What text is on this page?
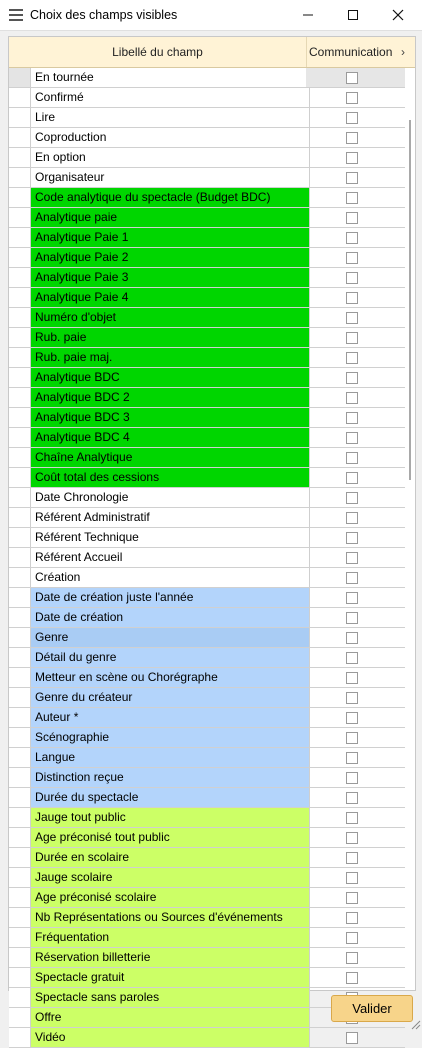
Choix des champs visibles
Libellé du champ	Communication ›
En tournée
Confirmé
Lire
Coproduction
En option
Organisateur
Code analytique du spectacle (Budget BDC)
Analytique paie
Analytique Paie 1
Analytique Paie 2
Analytique Paie 3
Analytique Paie 4
Numéro d'objet
Rub. paie
Rub. paie maj.
Analytique BDC
Analytique BDC 2
Analytique BDC 3
Analytique BDC 4
Chaîne Analytique
Coût total des cessions
Date Chronologie
Référent Administratif
Référent Technique
Référent Accueil
Création
Date de création juste l'année
Date de création
Genre
Détail du genre
Metteur en scène ou Chorégraphe
Genre du créateur
Auteur *
Scénographie
Langue
Distinction reçue
Durée du spectacle
Jauge tout public
Age préconisé tout public
Durée en scolaire
Jauge scolaire
Age préconisé scolaire
Nb Représentations ou Sources d'événements
Fréquentation
Réservation billetterie
Spectacle gratuit
Spectacle sans paroles
Offre
Vidéo
Valider
